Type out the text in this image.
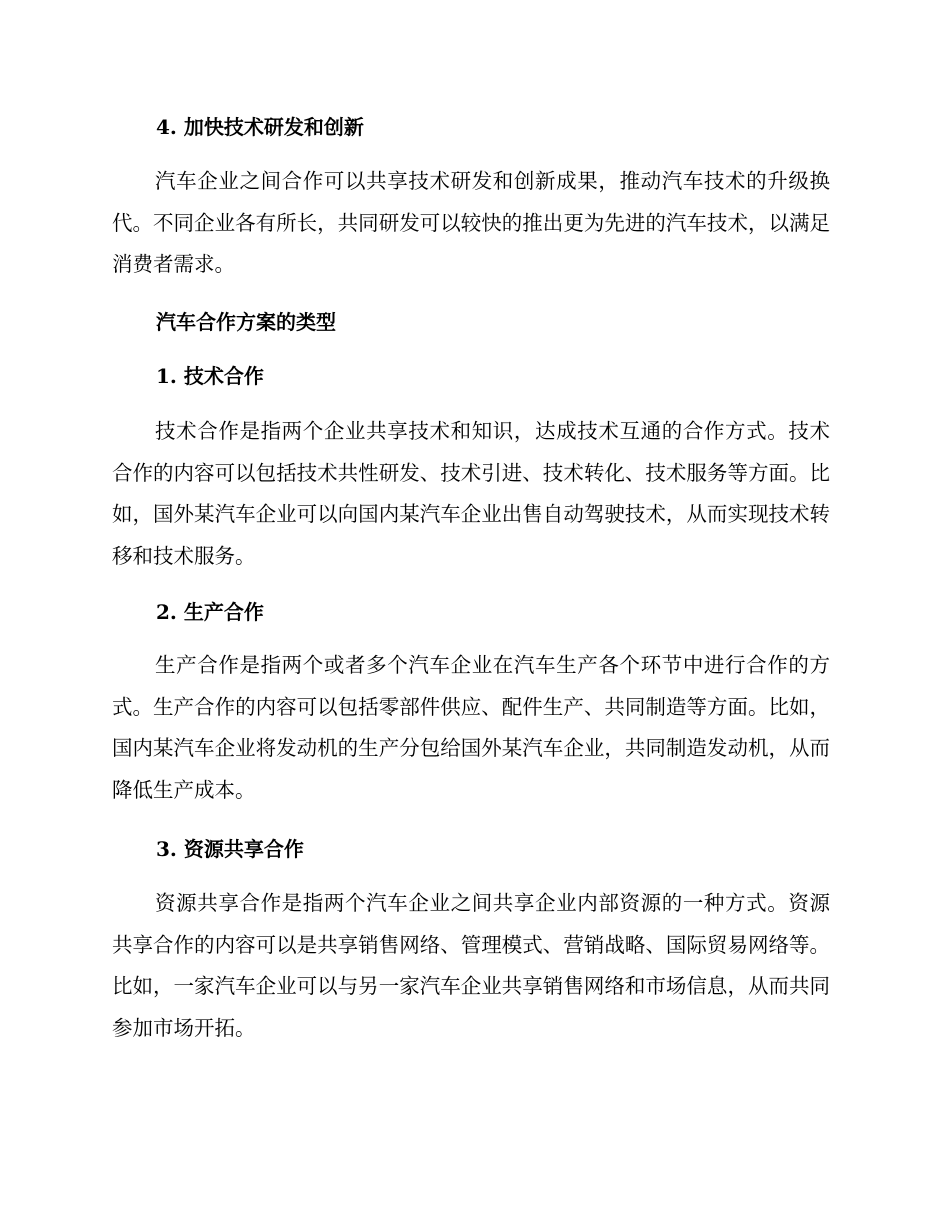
4. 加快技术研发和创新

汽车企业之间合作可以共享技术研发和创新成果，推动汽车技术的升级换代。不同企业各有所长，共同研发可以较快的推出更为先进的汽车技术，以满足消费者需求。

汽车合作方案的类型
1. 技术合作

技术合作是指两个企业共享技术和知识，达成技术互通的合作方式。技术合作的内容可以包括技术共性研发、技术引进、技术转化、技术服务等方面。比如，国外某汽车企业可以向国内某汽车企业出售自动驾驶技术，从而实现技术转移和技术服务。

2. 生产合作

生产合作是指两个或者多个汽车企业在汽车生产各个环节中进行合作的方式。生产合作的内容可以包括零部件供应、配件生产、共同制造等方面。比如，国内某汽车企业将发动机的生产分包给国外某汽车企业，共同制造发动机，从而降低生产成本。

3. 资源共享合作

资源共享合作是指两个汽车企业之间共享企业内部资源的一种方式。资源共享合作的内容可以是共享销售网络、管理模式、营销战略、国际贸易网络等。比如，一家汽车企业可以与另一家汽车企业共享销售网络和市场信息，从而共同参加市场开拓。
